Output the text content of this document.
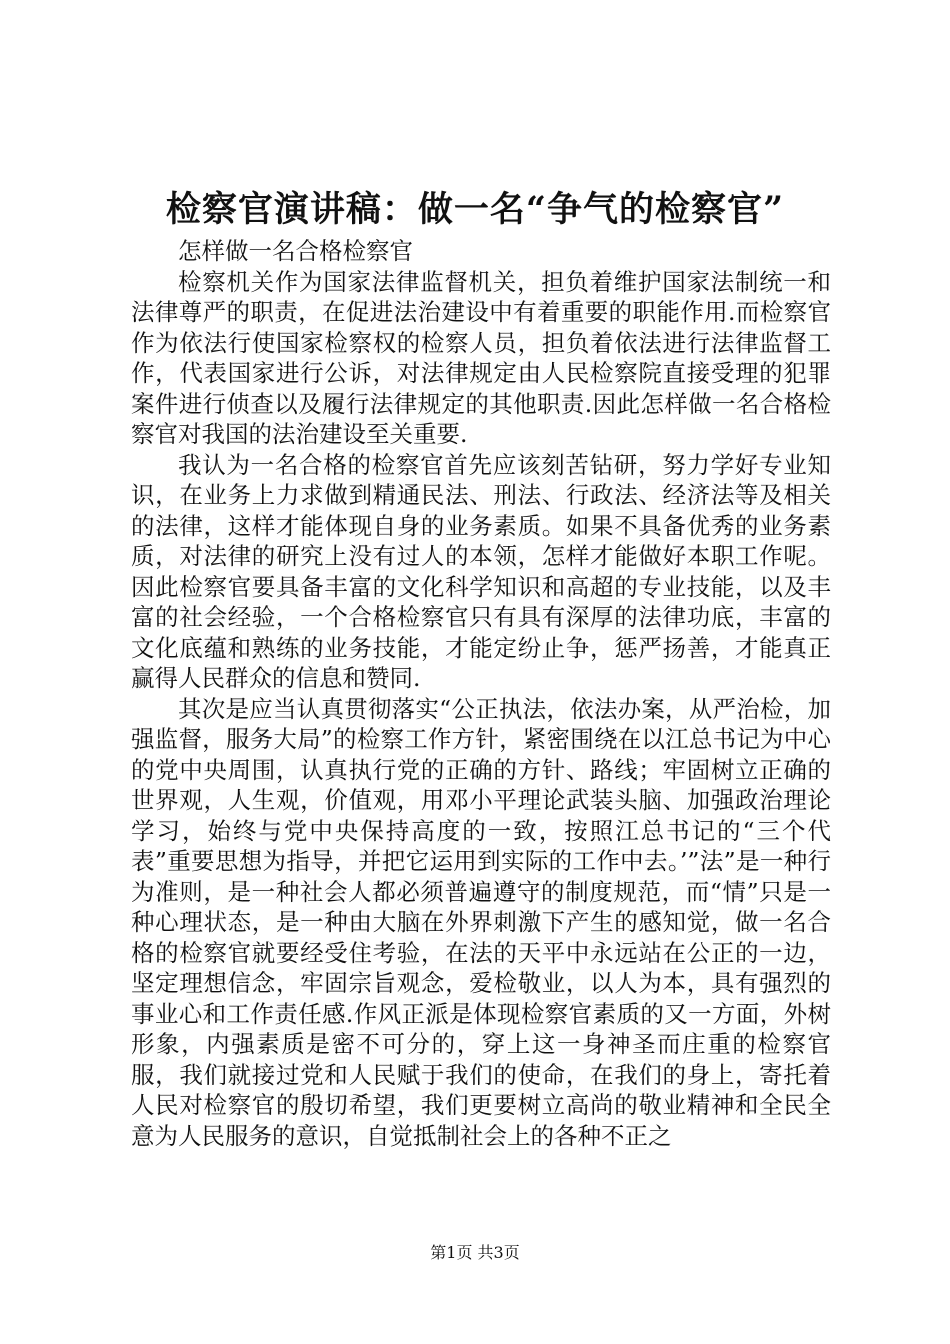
检察官演讲稿：做一名“争气的检察官”

怎样做一名合格检察官

检察机关作为国家法律监督机关，担负着维护国家法制统一和法律尊严的职责，在促进法治建设中有着重要的职能作用.而检察官作为依法行使国家检察权的检察人员，担负着依法进行法律监督工作，代表国家进行公诉，对法律规定由人民检察院直接受理的犯罪案件进行侦查以及履行法律规定的其他职责.因此怎样做一名合格检察官对我国的法治建设至关重要.

我认为一名合格的检察官首先应该刻苦钻研，努力学好专业知识，在业务上力求做到精通民法、刑法、行政法、经济法等及相关的法律，这样才能体现自身的业务素质。如果不具备优秀的业务素质，对法律的研究上没有过人的本领，怎样才能做好本职工作呢。因此检察官要具备丰富的文化科学知识和高超的专业技能，以及丰富的社会经验，一个合格检察官只有具有深厚的法律功底，丰富的文化底蕴和熟练的业务技能，才能定纷止争，惩严扬善，才能真正赢得人民群众的信息和赞同.

其次是应当认真贯彻落实“公正执法，依法办案，从严治检，加强监督，服务大局”的检察工作方针，紧密围绕在以江总书记为中心的党中央周围，认真执行党的正确的方针、路线；牢固树立正确的世界观，人生观，价值观，用邓小平理论武装头脑、加强政治理论学习，始终与党中央保持高度的一致，按照江总书记的“三个代表”重要思想为指导，并把它运用到实际的工作中去。’”法”是一种行为准则，是一种社会人都必须普遍遵守的制度规范，而“情”只是一种心理状态，是一种由大脑在外界刺激下产生的感知觉，做一名合格的检察官就要经受住考验，在法的天平中永远站在公正的一边，坚定理想信念，牢固宗旨观念，爱检敬业，以人为本，具有强烈的事业心和工作责任感.作风正派是体现检察官素质的又一方面，外树形象，内强素质是密不可分的，穿上这一身神圣而庄重的检察官服，我们就接过党和人民赋于我们的使命，在我们的身上，寄托着人民对检察官的殷切希望，我们更要树立高尚的敬业精神和全民全意为人民服务的意识，自觉抵制社会上的各种不正之

第1页 共3页
